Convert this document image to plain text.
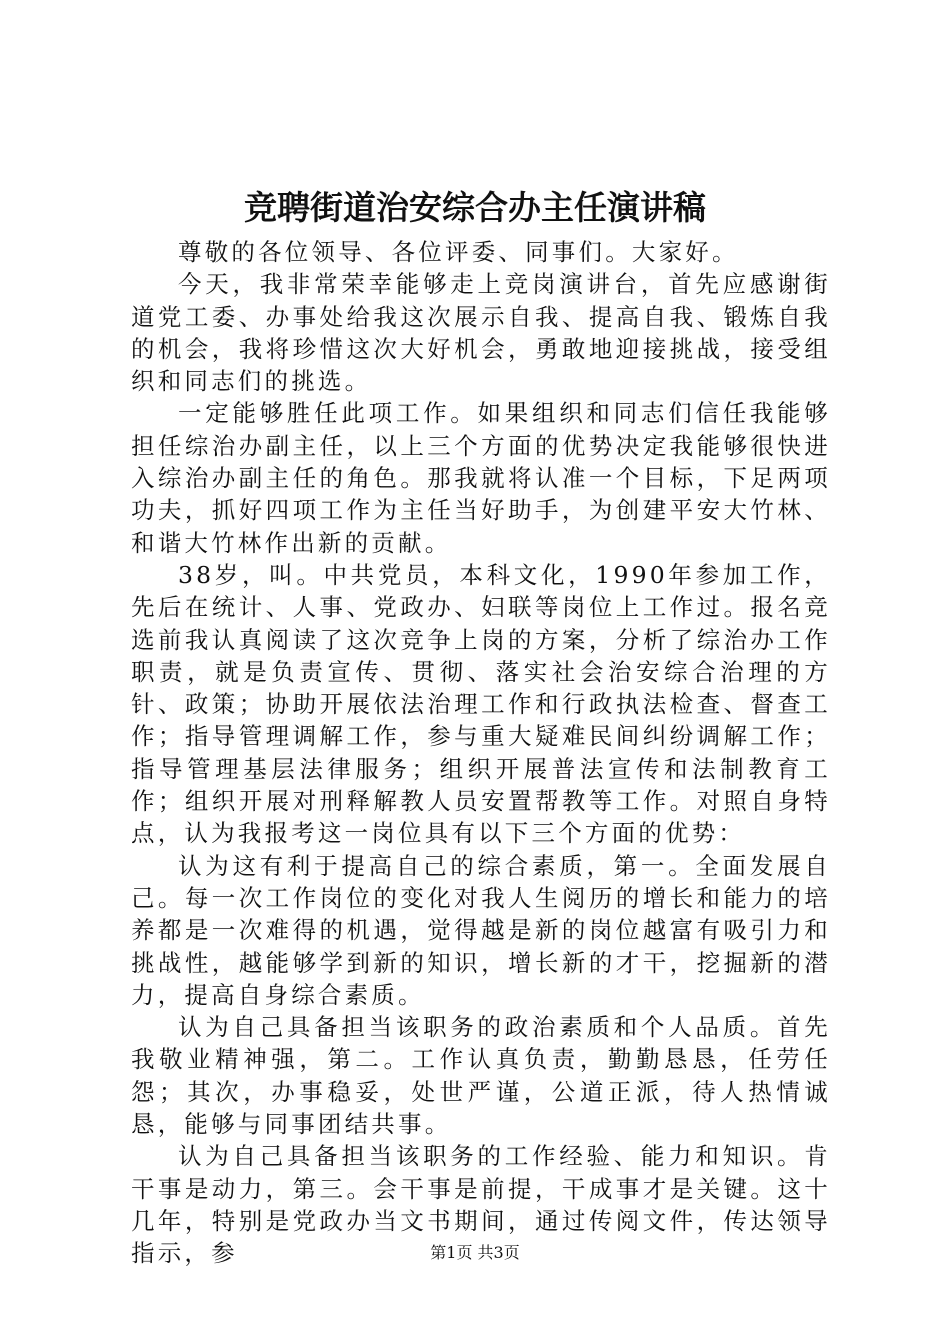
竞聘街道治安综合办主任演讲稿

尊敬的各位领导、各位评委、同事们。大家好。

今天，我非常荣幸能够走上竞岗演讲台，首先应感谢街道党工委、办事处给我这次展示自我、提高自我、锻炼自我的机会，我将珍惜这次大好机会，勇敢地迎接挑战，接受组织和同志们的挑选。

一定能够胜任此项工作。如果组织和同志们信任我能够担任综治办副主任，以上三个方面的优势决定我能够很快进入综治办副主任的角色。那我就将认准一个目标，下足两项功夫，抓好四项工作为主任当好助手，为创建平安大竹林、和谐大竹林作出新的贡献。

38岁，叫。中共党员，本科文化，1990年参加工作，先后在统计、人事、党政办、妇联等岗位上工作过。报名竞选前我认真阅读了这次竞争上岗的方案，分析了综治办工作职责，就是负责宣传、贯彻、落实社会治安综合治理的方针、政策；协助开展依法治理工作和行政执法检查、督查工作；指导管理调解工作，参与重大疑难民间纠纷调解工作；指导管理基层法律服务；组织开展普法宣传和法制教育工作；组织开展对刑释解教人员安置帮教等工作。对照自身特点，认为我报考这一岗位具有以下三个方面的优势：

认为这有利于提高自己的综合素质，第一。全面发展自己。每一次工作岗位的变化对我人生阅历的增长和能力的培养都是一次难得的机遇，觉得越是新的岗位越富有吸引力和挑战性，越能够学到新的知识，增长新的才干，挖掘新的潜力，提高自身综合素质。

认为自己具备担当该职务的政治素质和个人品质。首先我敬业精神强，第二。工作认真负责，勤勤恳恳，任劳任怨；其次，办事稳妥，处世严谨，公道正派，待人热情诚恳，能够与同事团结共事。

认为自己具备担当该职务的工作经验、能力和知识。肯干事是动力，第三。会干事是前提，干成事才是关键。这十几年，特别是党政办当文书期间，通过传阅文件，传达领导指示，参	第1页 共3页
